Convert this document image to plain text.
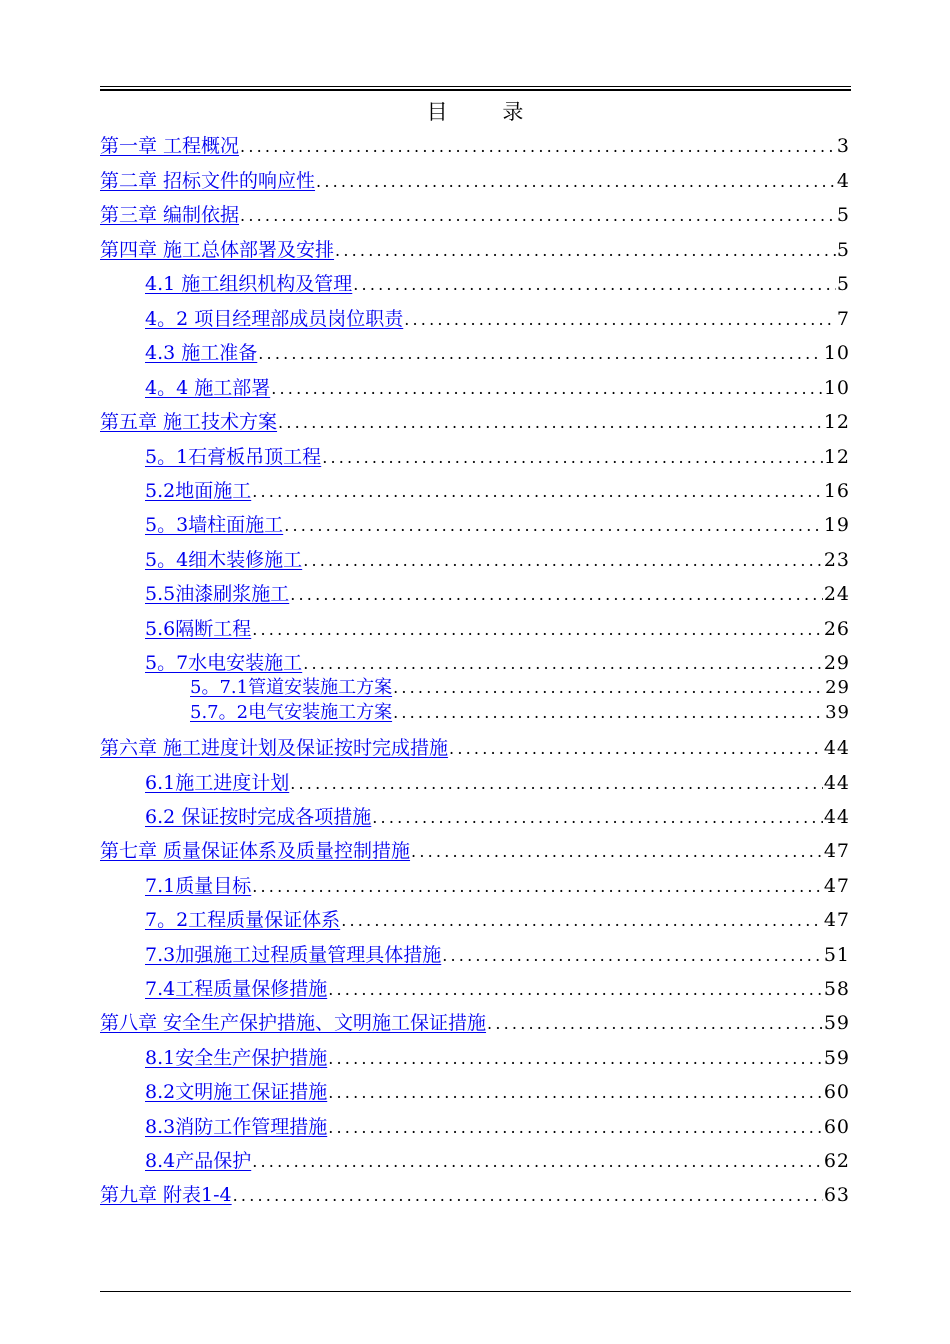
目 录
第一章 工程概况 .....	3
第二章 招标文件的响应性 .....	4
第三章 编制依据 .....	5
第四章 施工总体部署及安排 .....	5
4.1 施工组织机构及管理 .....	5
4。2 项目经理部成员岗位职责 .....	7
4.3 施工准备 .....	10
4。4 施工部署 .....	10
第五章 施工技术方案 .....	12
5。1石膏板吊顶工程 .....	12
5.2地面施工 .....	16
5。3墙柱面施工 .....	19
5。4细木装修施工 .....	23
5.5油漆刷浆施工 .....	24
5.6隔断工程 .....	26
5。7水电安装施工 .....	29
5。7.1管道安装施工方案 .....	29
5.7。2电气安装施工方案 .....	39
第六章 施工进度计划及保证按时完成措施 .....	44
6.1施工进度计划 .....	44
6.2 保证按时完成各项措施 .....	44
第七章 质量保证体系及质量控制措施 .....	47
7.1质量目标 .....	47
7。2工程质量保证体系 .....	47
7.3加强施工过程质量管理具体措施 .....	51
7.4工程质量保修措施 .....	58
第八章 安全生产保护措施、文明施工保证措施 .....	59
8.1安全生产保护措施 .....	59
8.2文明施工保证措施 .....	60
8.3消防工作管理措施 .....	60
8.4产品保护 .....	62
第九章 附表1-4 .....	63
